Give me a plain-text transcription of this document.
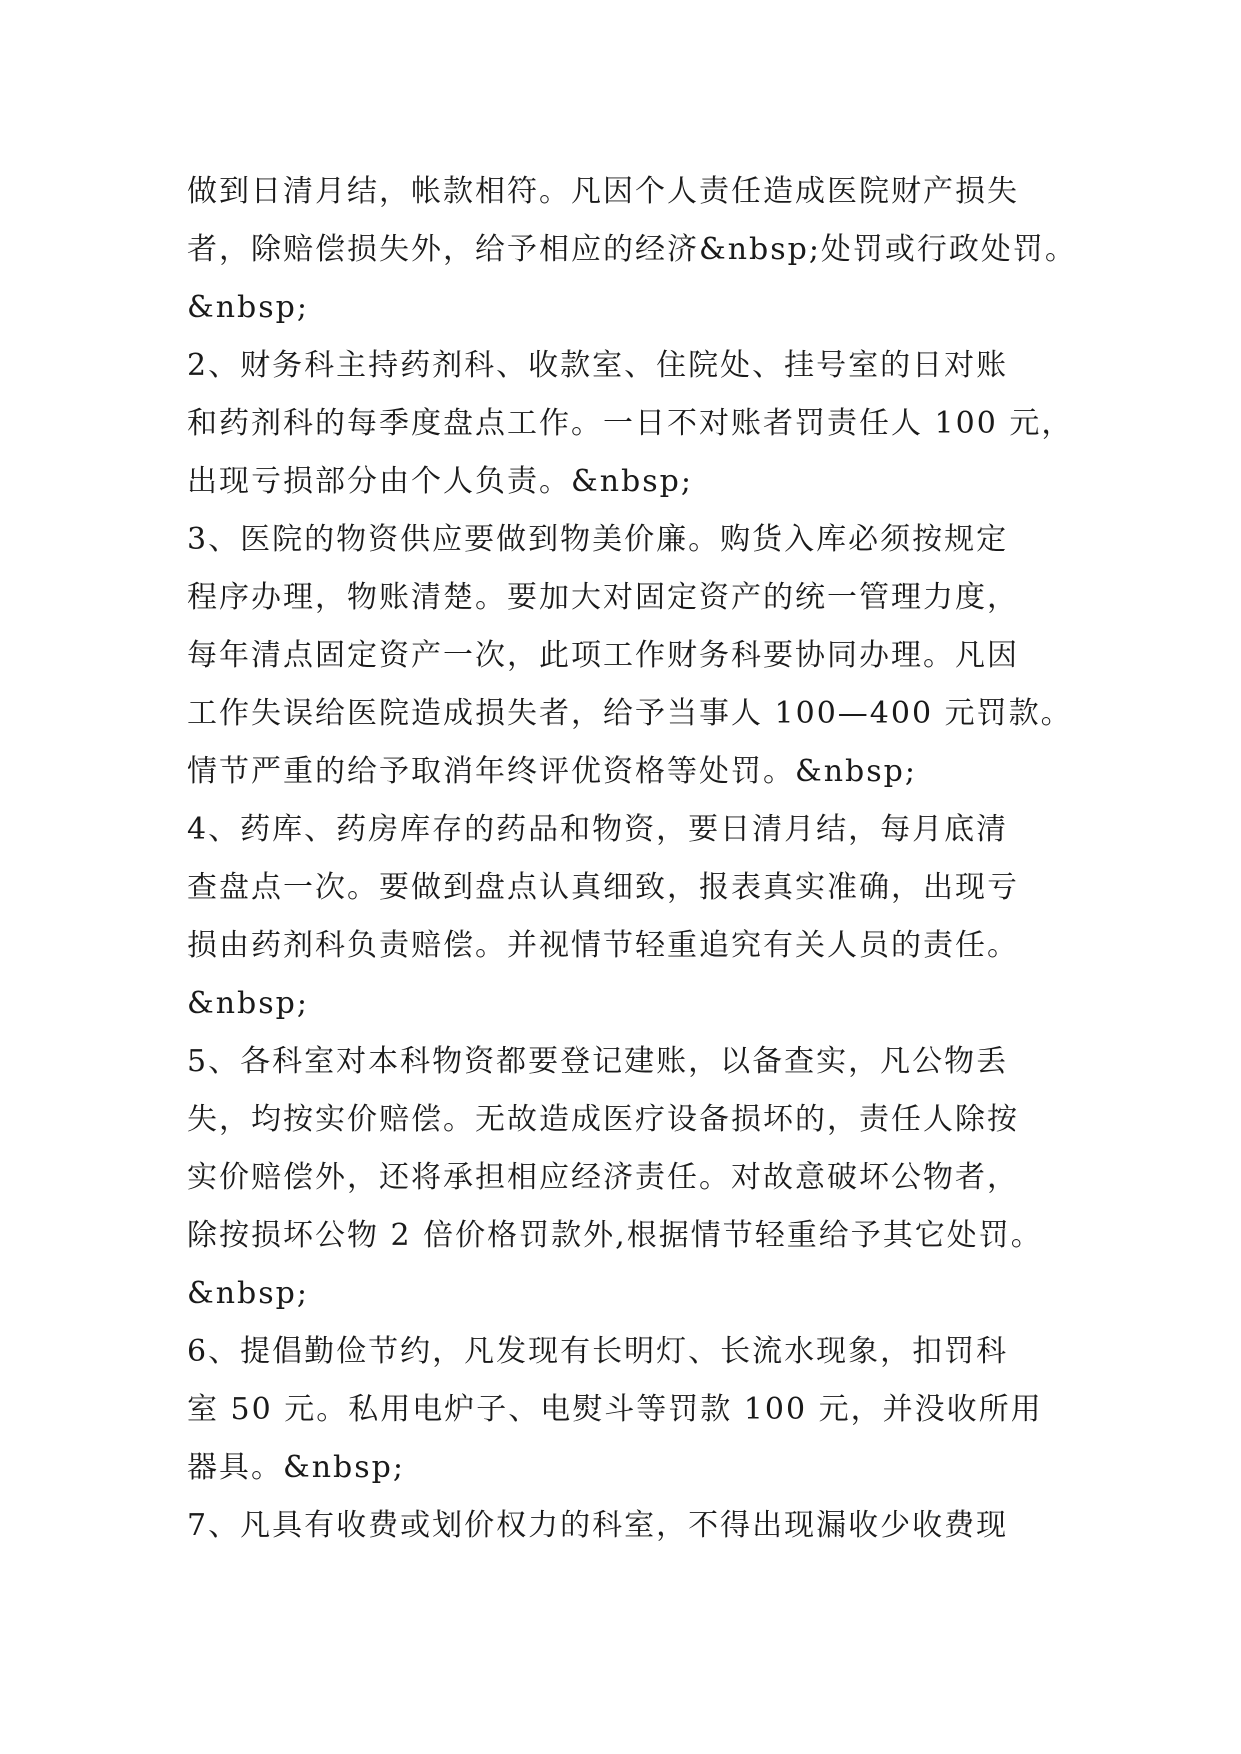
做到日清月结，帐款相符。凡因个人责任造成医院财产损失
者，除赔偿损失外，给予相应的经济&nbsp;处罚或行政处罚。
&nbsp;
2、财务科主持药剂科、收款室、住院处、挂号室的日对账
和药剂科的每季度盘点工作。一日不对账者罚责任人 100 元，
出现亏损部分由个人负责。&nbsp;
3、医院的物资供应要做到物美价廉。购货入库必须按规定
程序办理，物账清楚。要加大对固定资产的统一管理力度，
每年清点固定资产一次，此项工作财务科要协同办理。凡因
工作失误给医院造成损失者，给予当事人 100—400 元罚款。
情节严重的给予取消年终评优资格等处罚。&nbsp;
4、药库、药房库存的药品和物资，要日清月结，每月底清
查盘点一次。要做到盘点认真细致，报表真实准确，出现亏
损由药剂科负责赔偿。并视情节轻重追究有关人员的责任。
&nbsp;
5、各科室对本科物资都要登记建账，以备查实，凡公物丢
失，均按实价赔偿。无故造成医疗设备损坏的，责任人除按
实价赔偿外，还将承担相应经济责任。对故意破坏公物者，
除按损坏公物 2 倍价格罚款外,根据情节轻重给予其它处罚。
&nbsp;
6、提倡勤俭节约，凡发现有长明灯、长流水现象，扣罚科
室 50 元。私用电炉子、电熨斗等罚款 100 元，并没收所用
器具。&nbsp;
7、凡具有收费或划价权力的科室，不得出现漏收少收费现
